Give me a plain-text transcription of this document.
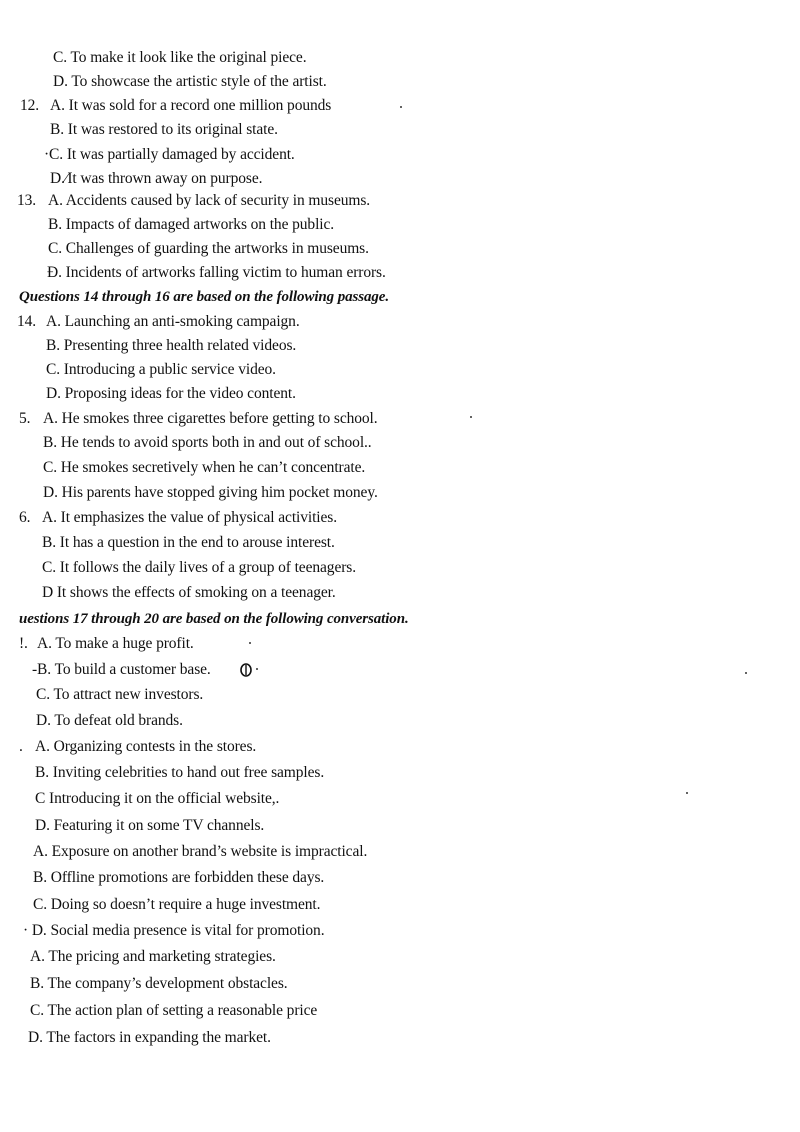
C. To make it look like the original piece.
D. To showcase the artistic style of the artist.
12. A. It was sold for a record one million pounds
B. It was restored to its original state.
·C. It was partially damaged by accident.
D.⁄It was thrown away on purpose.
13. A. Accidents caused by lack of security in museums.
B. Impacts of damaged artworks on the public.
C. Challenges of guarding the artworks in museums.
Ð. Incidents of artworks falling victim to human errors.
Questions 14 through 16 are based on the following passage.
14. A. Launching an anti-smoking campaign.
B. Presenting three health related videos.
C. Introducing a public service video.
D. Proposing ideas for the video content.
5. A. He smokes three cigarettes before getting to school.
B. He tends to avoid sports both in and out of school..
C. He smokes secretively when he can’t concentrate.
D. His parents have stopped giving him pocket money.
6. A. It emphasizes the value of physical activities.
B. It has a question in the end to arouse interest.
C. It follows the daily lives of a group of teenagers.
D It shows the effects of smoking on a teenager.
uestions 17 through 20 are based on the following conversation.
!. A. To make a huge profit.
-B. To build a customer base.
C. To attract new investors.
D. To defeat old brands.
. A. Organizing contests in the stores.
B. Inviting celebrities to hand out free samples.
C Introducing it on the official website,.
D. Featuring it on some TV channels.
A. Exposure on another brand’s website is impractical.
B. Offline promotions are forbidden these days.
C. Doing so doesn’t require a huge investment.
· D. Social media presence is vital for promotion.
A. The pricing and marketing strategies.
B. The company’s development obstacles.
C. The action plan of setting a reasonable price
D. The factors in expanding the market.
